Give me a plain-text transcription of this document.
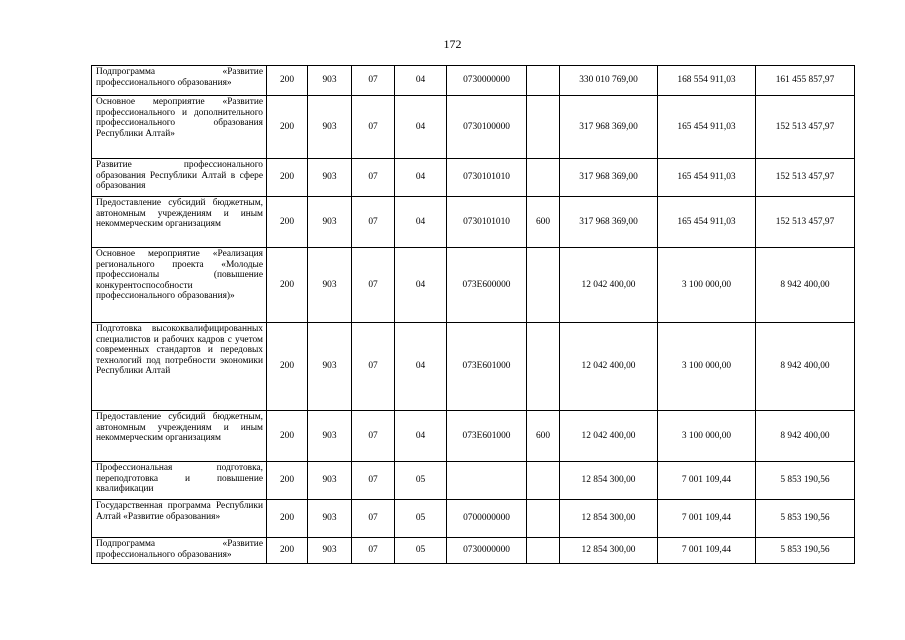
172
Подпрограмма «Развитие профессионального образования»	200	903	07	04	0730000000		330 010 769,00	168 554 911,03	161 455 857,97
Основное мероприятие «Развитие профессионального и дополнительного профессионального образования Республики Алтай»	200	903	07	04	0730100000		317 968 369,00	165 454 911,03	152 513 457,97
Развитие профессионального образования Республики Алтай в сфере образования	200	903	07	04	0730101010		317 968 369,00	165 454 911,03	152 513 457,97
Предоставление субсидий бюджетным, автономным учреждениям и иным некоммерческим организациям	200	903	07	04	0730101010	600	317 968 369,00	165 454 911,03	152 513 457,97
Основное мероприятие «Реализация регионального проекта «Молодые профессионалы (повышение конкурентоспособности профессионального образования)»	200	903	07	04	073E600000		12 042 400,00	3 100 000,00	8 942 400,00
Подготовка высококвалифицированных специалистов и рабочих кадров с учетом современных стандартов и передовых технологий под потребности экономики Республики Алтай	200	903	07	04	073E601000		12 042 400,00	3 100 000,00	8 942 400,00
Предоставление субсидий бюджетным, автономным учреждениям и иным некоммерческим организациям	200	903	07	04	073E601000	600	12 042 400,00	3 100 000,00	8 942 400,00
Профессиональная подготовка, переподготовка и повышение квалификации	200	903	07	05			12 854 300,00	7 001 109,44	5 853 190,56
Государственная программа Республики Алтай «Развитие образования»	200	903	07	05	0700000000		12 854 300,00	7 001 109,44	5 853 190,56
Подпрограмма «Развитие профессионального образования»	200	903	07	05	0730000000		12 854 300,00	7 001 109,44	5 853 190,56
